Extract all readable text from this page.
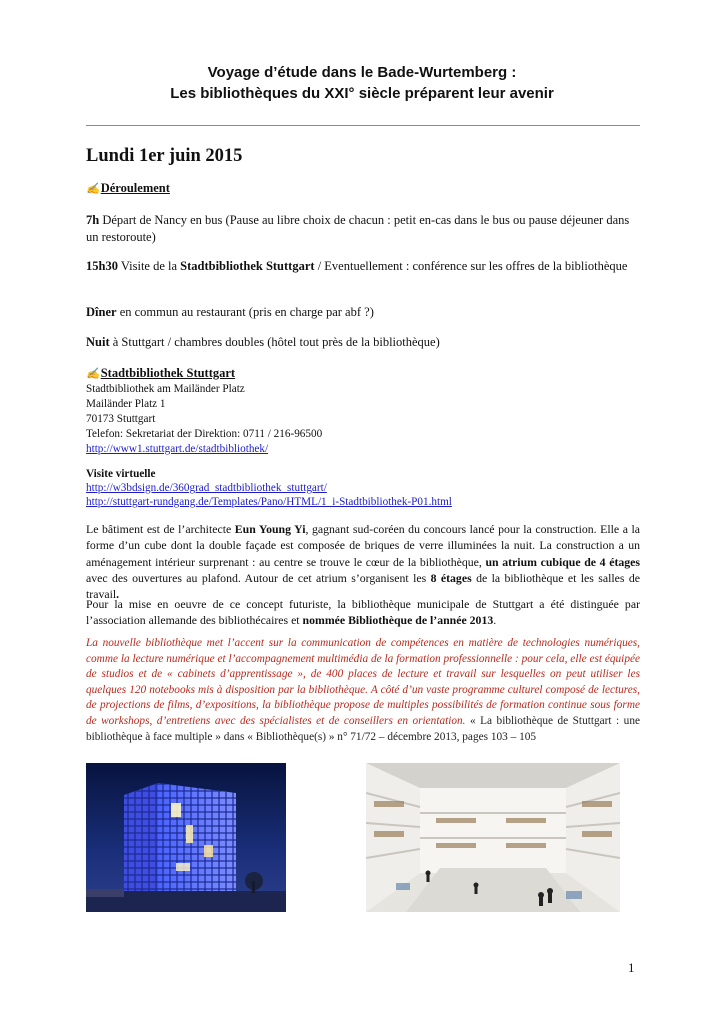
Voyage d’étude dans le Bade-Wurtemberg :
Les bibliothèques du XXI° siècle préparent leur avenir
Lundi 1er juin 2015
✍Déroulement
7h Départ de Nancy en bus (Pause au libre choix de chacun : petit en-cas dans le bus ou pause déjeuner dans un restoroute)
15h30 Visite de la Stadtbibliothek Stuttgart / Eventuellement : conférence sur les offres de la bibliothèque
Dîner en commun au restaurant (pris en charge par abf ?)
Nuit à Stuttgart / chambres doubles (hôtel tout près de la bibliothèque)
✍Stadtbibliothek Stuttgart
Stadtbibliothek am Mailänder Platz
Mailänder Platz 1
70173 Stuttgart
Telefon: Sekretariat der Direktion: 0711 / 216-96500
http://www1.stuttgart.de/stadtbibliothek/
Visite virtuelle
http://w3bdsign.de/360grad_stadtbibliothek_stuttgart/
http://stuttgart-rundgang.de/Templates/Pano/HTML/1_i-Stadtbibliothek-P01.html
Le bâtiment est de l’architecte Eun Young Yi, gagnant sud-coréen du concours lancé pour la construction. Elle a la forme d’un cube dont la double façade est composée de briques de verre illuminées la nuit. La construction a un aménagement intérieur surprenant : au centre se trouve le cœur de la bibliothèque, un atrium cubique de 4 étages avec des ouvertures au plafond. Autour de cet atrium s’organisent les 8 étages de la bibliothèque et les salles de travail.
Pour la mise en oeuvre de ce concept futuriste, la bibliothèque municipale de Stuttgart a été distinguée par l’association allemande des bibliothécaires et nommée Bibliothèque de l’année 2013.
La nouvelle bibliothèque met l’accent sur la communication de compétences en matière de technologies numériques, comme la lecture numérique et l’accompagnement multimédia de la formation professionnelle : pour cela, elle est équipée de studios et de « cabinets d’apprentissage », de 400 places de lecture et travail sur lesquelles on peut utiliser les quelques 120 notebooks mis à disposition par la bibliothèque. A côté d’un vaste programme culturel composé de lectures, de projections de films, d’expositions, la bibliothèque propose de multiples possibilités de formation continue sous forme de workshops, d’entretiens avec des spécialistes et de conseillers en orientation. « La bibliothèque de Stuttgart : une bibliothèque à face multiple » dans « Bibliothèque(s) » n° 71/72 – décembre 2013, pages 103 – 105
1
